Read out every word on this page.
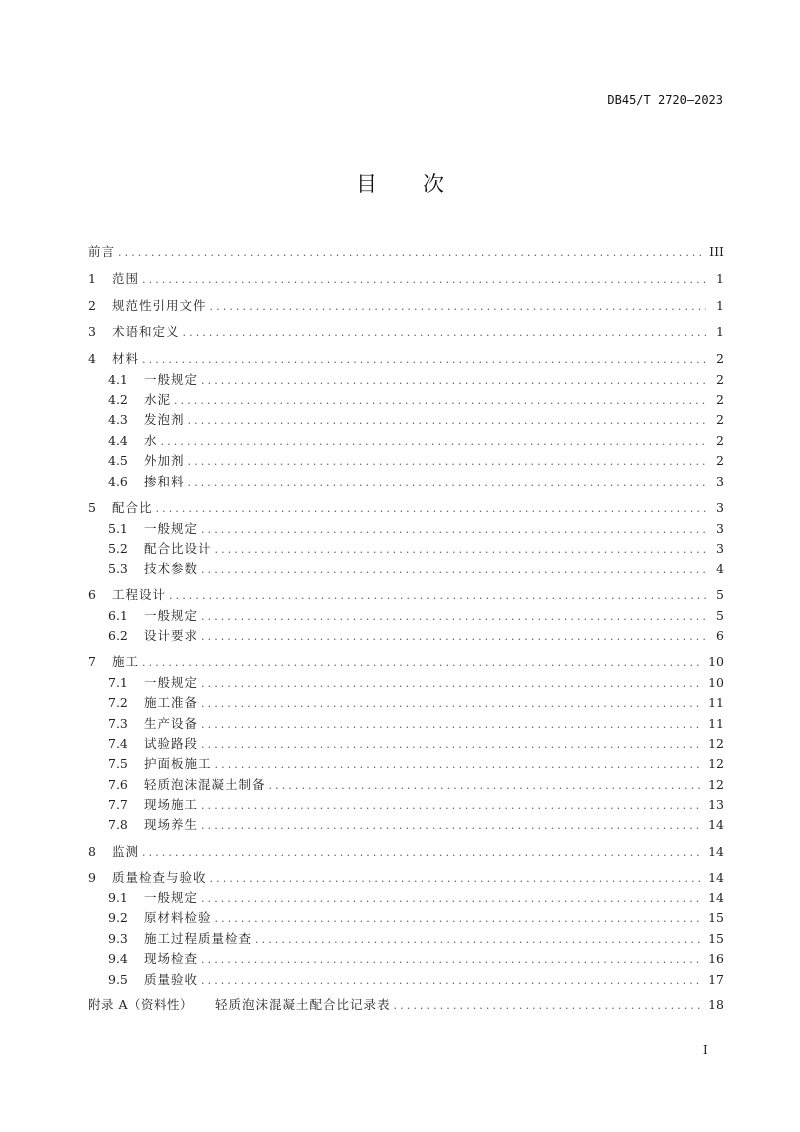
DB45/T 2720—2023
目 次
前言 .....	III
1	范围 .....	1
2	规范性引用文件 .....	1
3	术语和定义 .....	1
4	材料 .....	2
4.1	一般规定 .....	2
4.2	水泥 .....	2
4.3	发泡剂 .....	2
4.4	水 .....	2
4.5	外加剂 .....	2
4.6	掺和料 .....	3
5	配合比 .....	3
5.1	一般规定 .....	3
5.2	配合比设计 .....	3
5.3	技术参数 .....	4
6	工程设计 .....	5
6.1	一般规定 .....	5
6.2	设计要求 .....	6
7	施工 .....	10
7.1	一般规定 .....	10
7.2	施工准备 .....	11
7.3	生产设备 .....	11
7.4	试验路段 .....	12
7.5	护面板施工 .....	12
7.6	轻质泡沫混凝土制备 .....	12
7.7	现场施工 .....	13
7.8	现场养生 .....	14
8	监测 .....	14
9	质量检查与验收 .....	14
9.1	一般规定 .....	14
9.2	原材料检验 .....	15
9.3	施工过程质量检查 .....	15
9.4	现场检查 .....	16
9.5	质量验收 .....	17
附录 A（资料性） 轻质泡沫混凝土配合比记录表 .....	18
I
